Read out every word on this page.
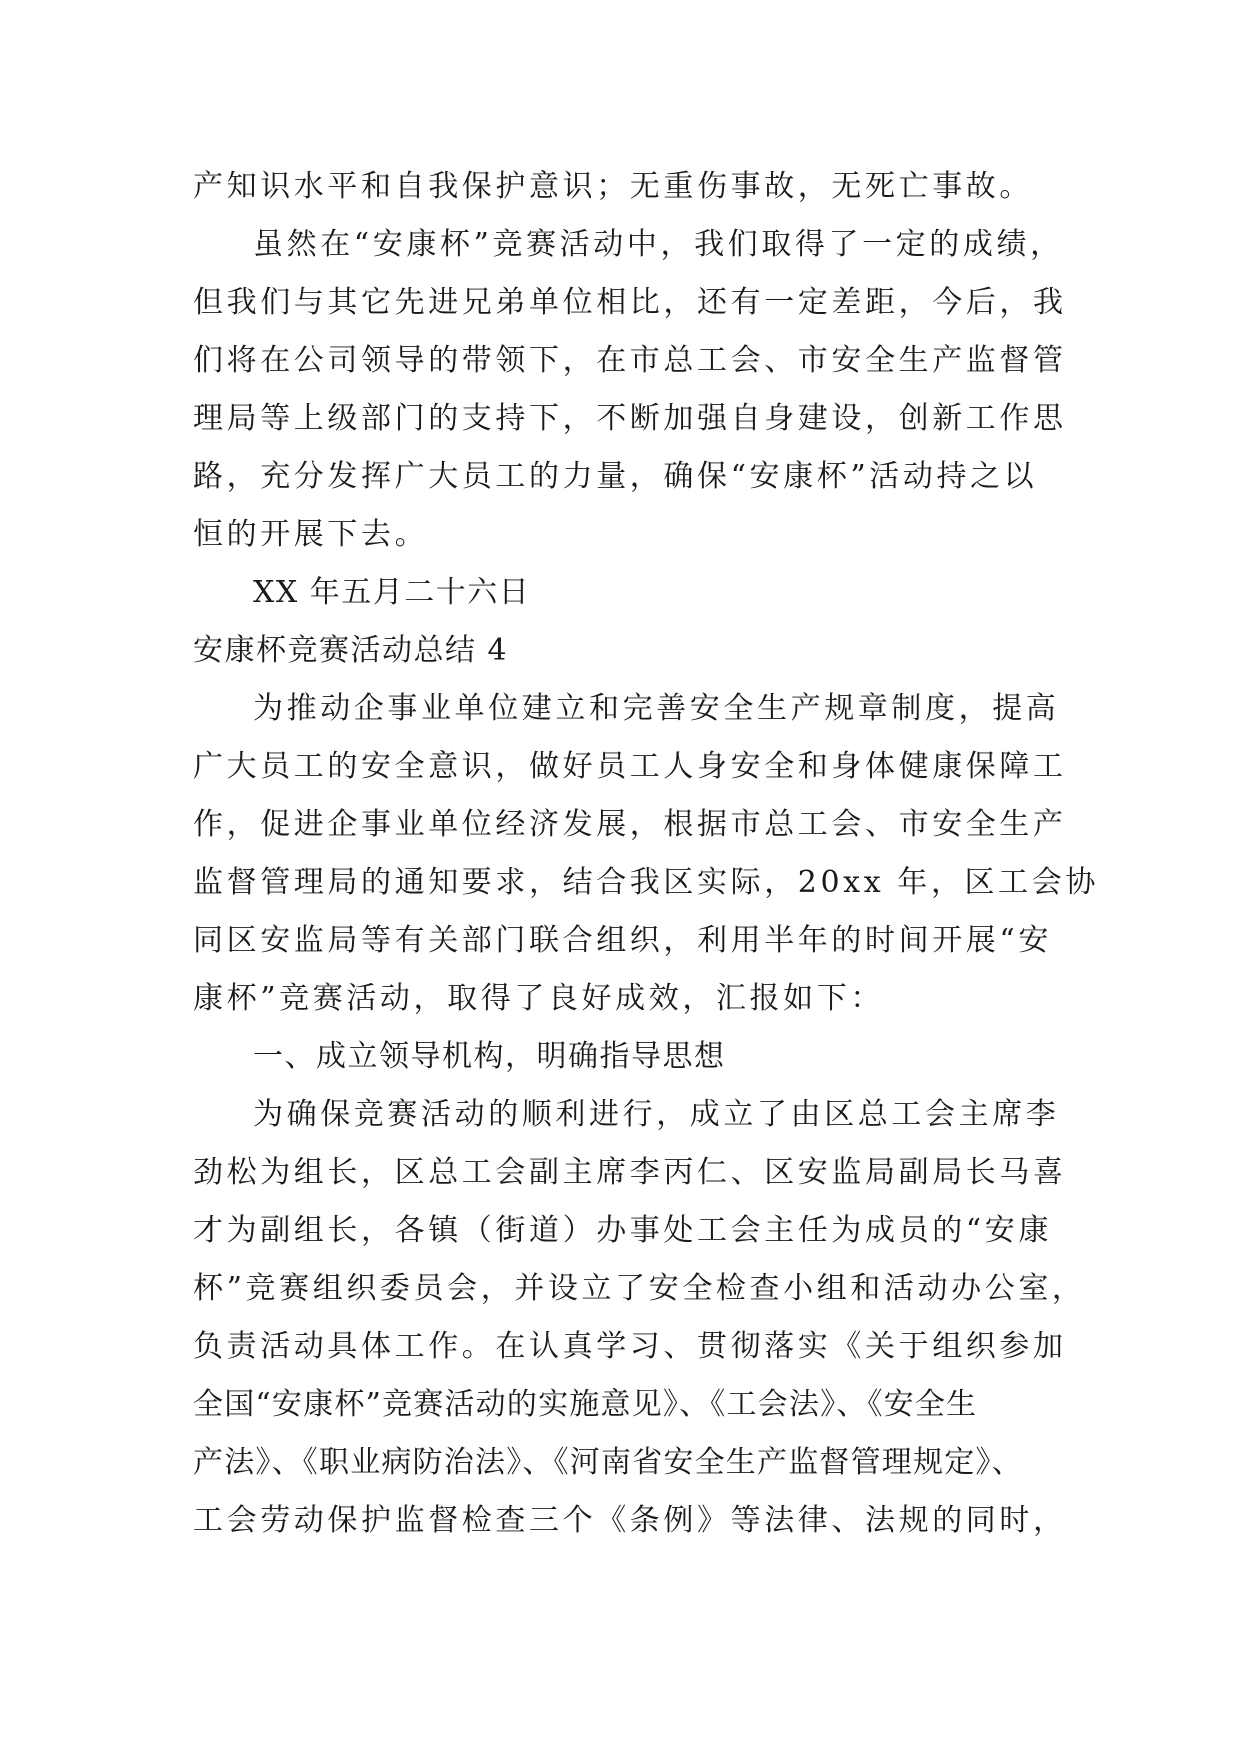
产知识水平和自我保护意识；无重伤事故，无死亡事故。

虽然在“安康杯”竞赛活动中，我们取得了一定的成绩，

但我们与其它先进兄弟单位相比，还有一定差距，今后，我

们将在公司领导的带领下，在市总工会、市安全生产监督管

理局等上级部门的支持下，不断加强自身建设，创新工作思

路，充分发挥广大员工的力量，确保“安康杯”活动持之以

恒的开展下去。

XX 年五月二十六日

安康杯竞赛活动总结 4

为推动企事业单位建立和完善安全生产规章制度，提高

广大员工的安全意识，做好员工人身安全和身体健康保障工

作，促进企事业单位经济发展，根据市总工会、市安全生产

监督管理局的通知要求，结合我区实际，20xx 年，区工会协

同区安监局等有关部门联合组织，利用半年的时间开展“安

康杯”竞赛活动，取得了良好成效，汇报如下：

一、成立领导机构，明确指导思想

为确保竞赛活动的顺利进行，成立了由区总工会主席李

劲松为组长，区总工会副主席李丙仁、区安监局副局长马喜

才为副组长，各镇（街道）办事处工会主任为成员的“安康

杯”竞赛组织委员会，并设立了安全检查小组和活动办公室，

负责活动具体工作。在认真学习、贯彻落实《关于组织参加

全国“安康杯”竞赛活动的实施意见》、《工会法》、《安全生

产法》、《职业病防治法》、《河南省安全生产监督管理规定》、

工会劳动保护监督检查三个《条例》等法律、法规的同时，
